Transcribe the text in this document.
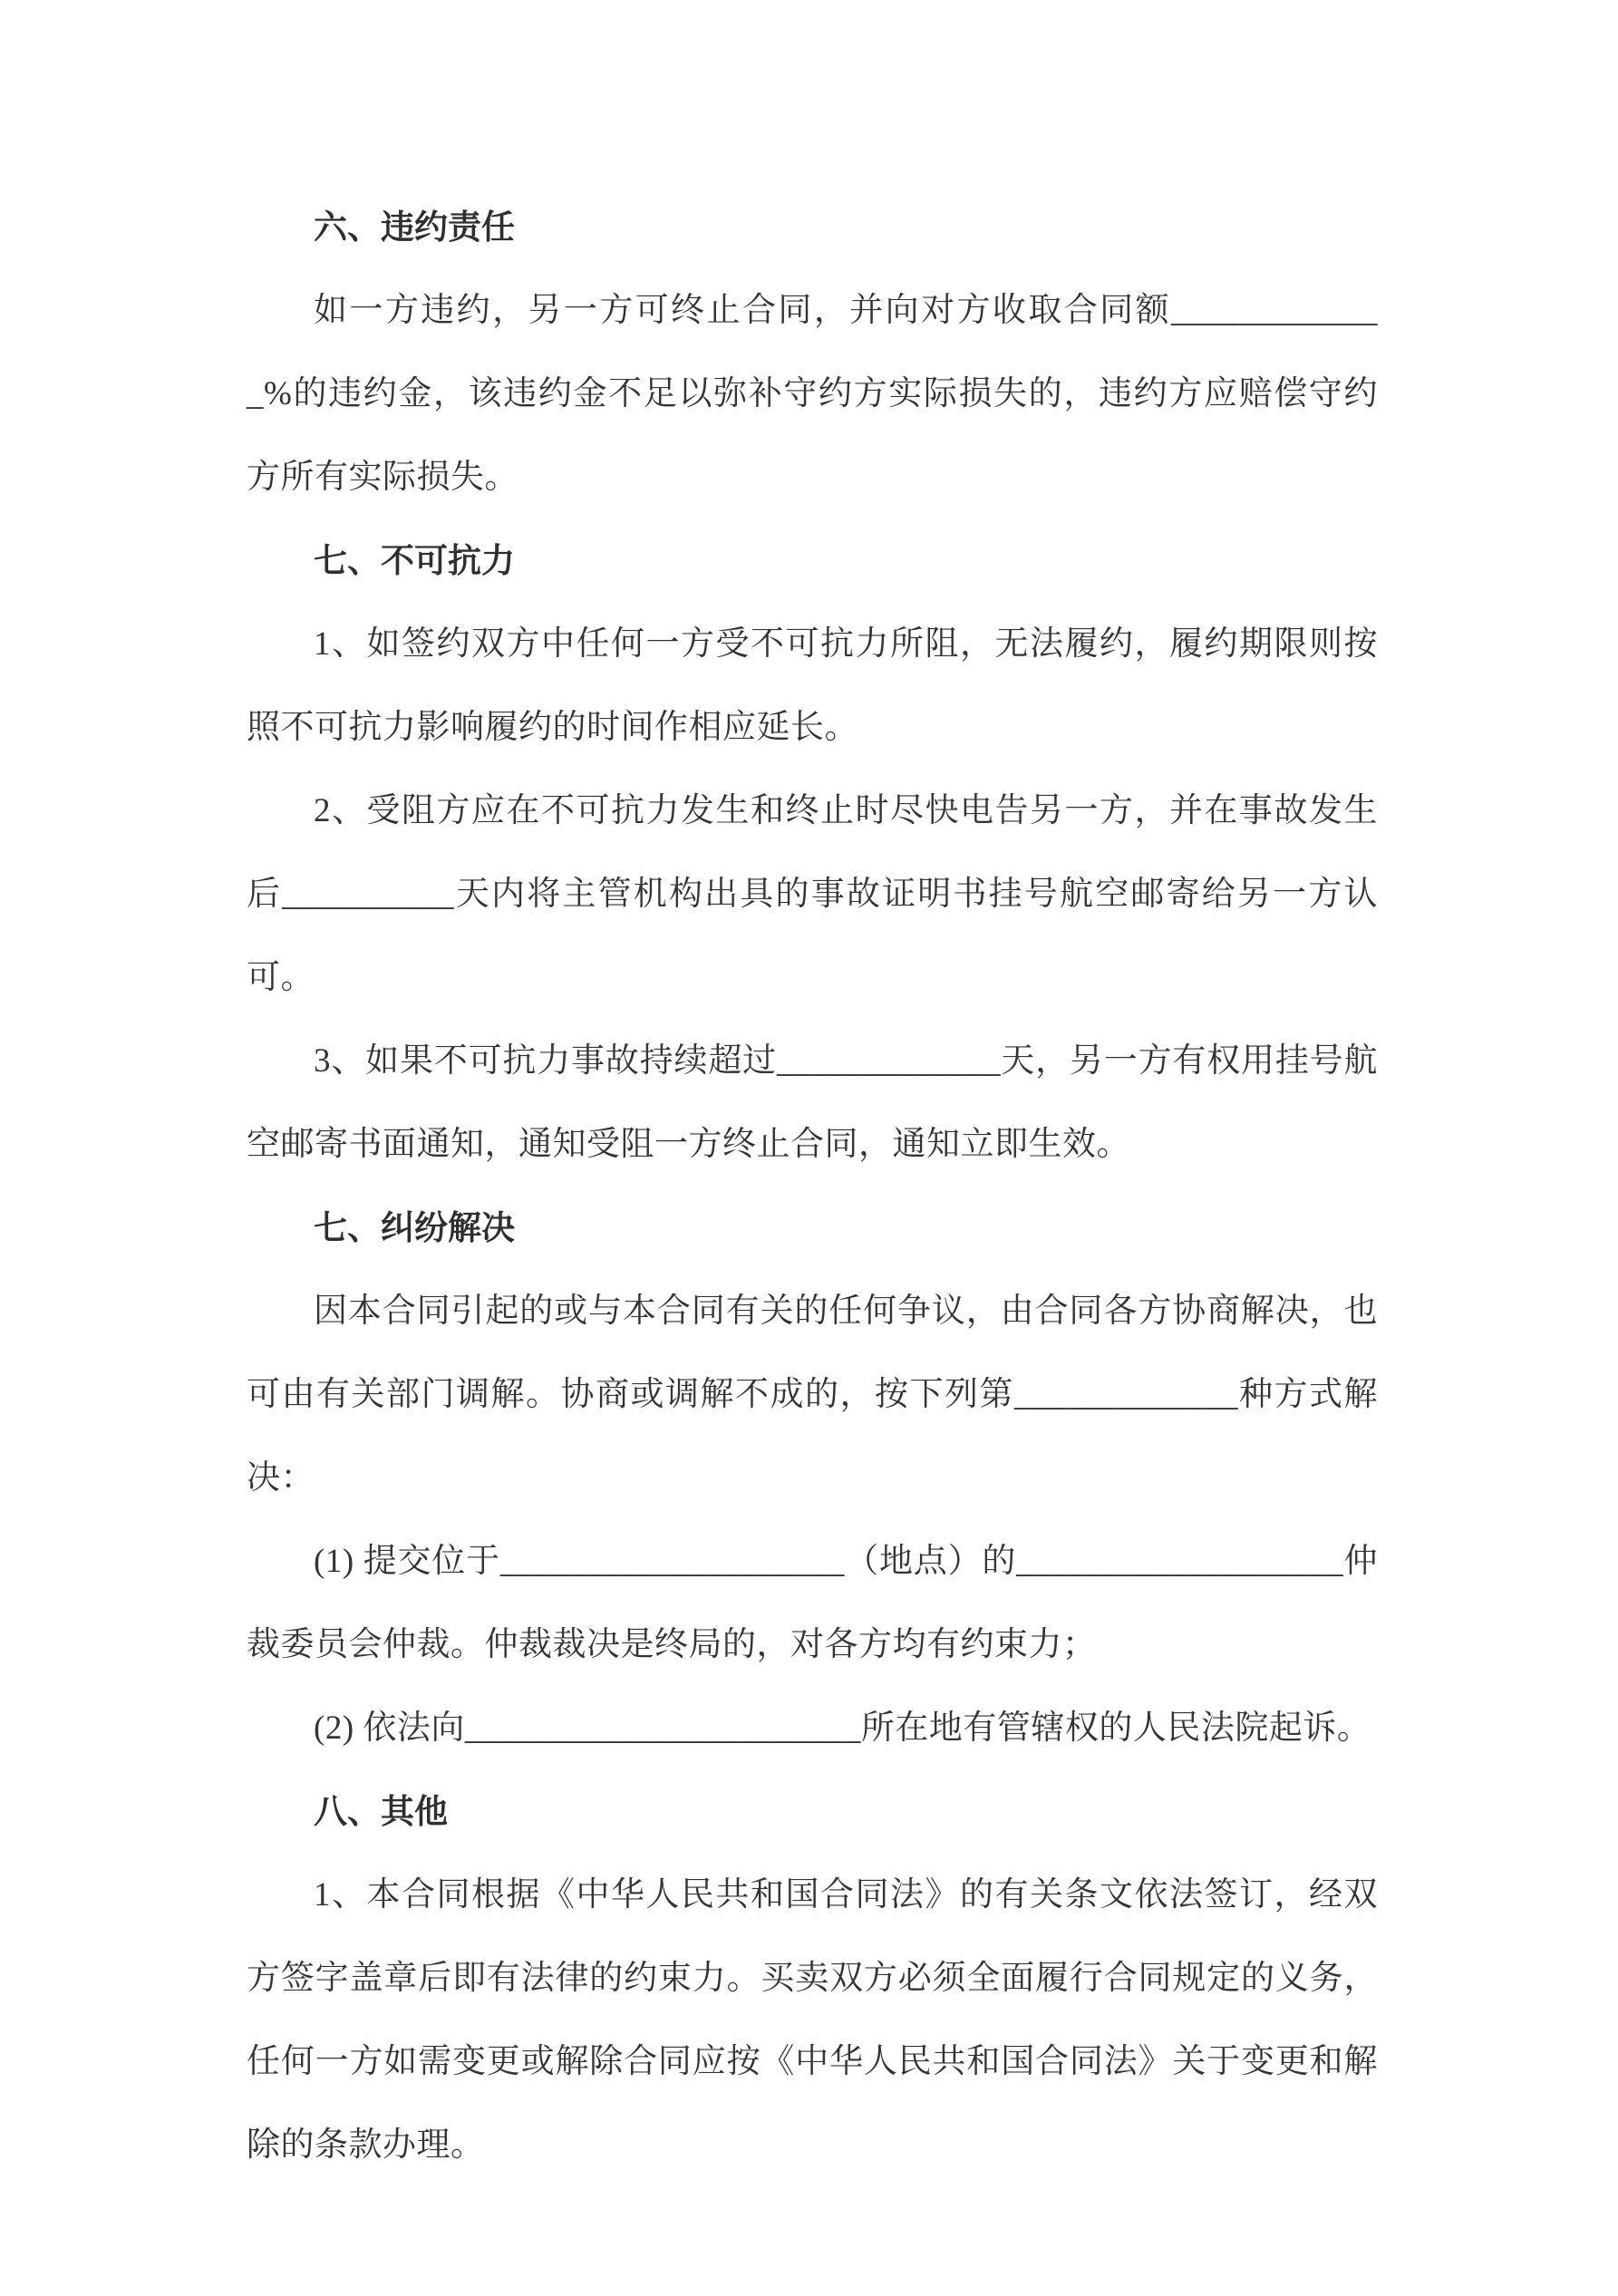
六、违约责任

如一方违约，另一方可终止合同，并向对方收取合同额_____________%的违约金，该违约金不足以弥补守约方实际损失的，违约方应赔偿守约方所有实际损失。

七、不可抗力

1、如签约双方中任何一方受不可抗力所阻，无法履约，履约期限则按照不可抗力影响履约的时间作相应延长。

2、受阻方应在不可抗力发生和终止时尽快电告另一方，并在事故发生后__________天内将主管机构出具的事故证明书挂号航空邮寄给另一方认可。

3、如果不可抗力事故持续超过_____________天，另一方有权用挂号航空邮寄书面通知，通知受阻一方终止合同，通知立即生效。

七、纠纷解决

因本合同引起的或与本合同有关的任何争议，由合同各方协商解决，也可由有关部门调解。协商或调解不成的，按下列第_____________种方式解决：

(1) 提交位于____________________（地点）的___________________仲裁委员会仲裁。仲裁裁决是终局的，对各方均有约束力；

(2) 依法向_______________________所在地有管辖权的人民法院起诉。

八、其他

1、本合同根据《中华人民共和国合同法》的有关条文依法签订，经双方签字盖章后即有法律的约束力。买卖双方必须全面履行合同规定的义务，任何一方如需变更或解除合同应按《中华人民共和国合同法》关于变更和解除的条款办理。
